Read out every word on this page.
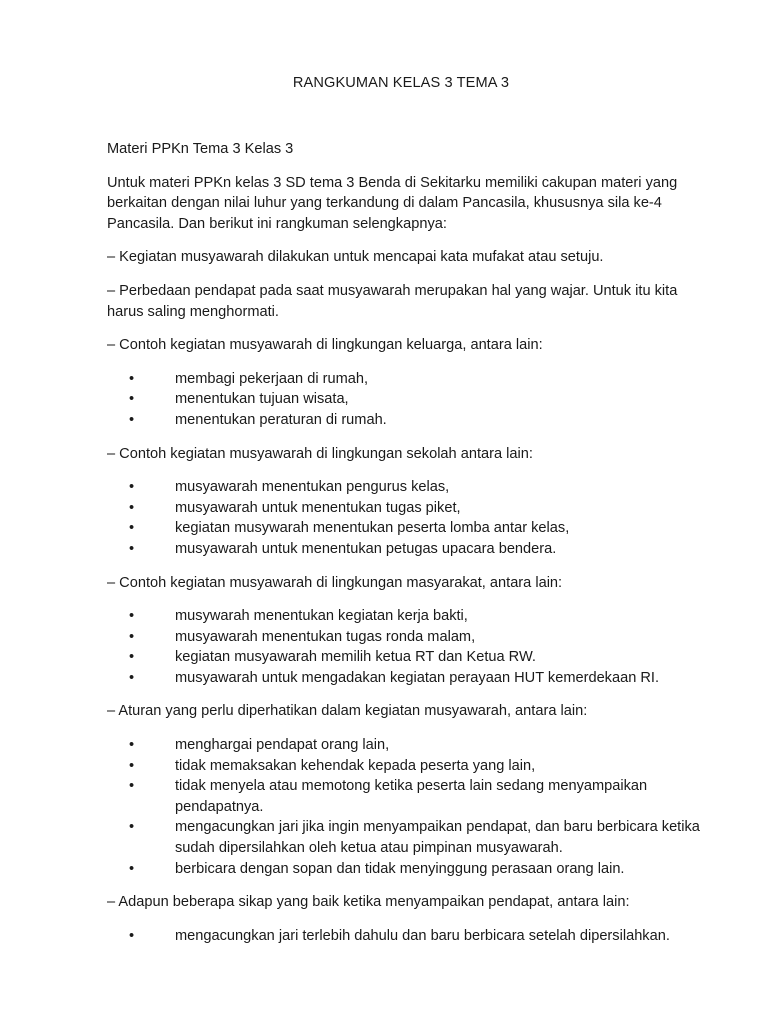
RANGKUMAN KELAS 3 TEMA 3

Materi PPKn Tema 3 Kelas 3

Untuk materi PPKn kelas 3 SD tema 3 Benda di Sekitarku memiliki cakupan materi yang berkaitan dengan nilai luhur yang terkandung di dalam Pancasila, khususnya sila ke-4 Pancasila. Dan berikut ini rangkuman selengkapnya:

– Kegiatan musyawarah dilakukan untuk mencapai kata mufakat atau setuju.

– Perbedaan pendapat pada saat musyawarah merupakan hal yang wajar. Untuk itu kita harus saling menghormati.

– Contoh kegiatan musyawarah di lingkungan keluarga, antara lain:

•	membagi pekerjaan di rumah,
•	menentukan tujuan wisata,
•	menentukan peraturan di rumah.

– Contoh kegiatan musyawarah di lingkungan sekolah antara lain:

•	musyawarah menentukan pengurus kelas,
•	musyawarah untuk menentukan tugas piket,
•	kegiatan musywarah menentukan peserta lomba antar kelas,
•	musyawarah untuk menentukan petugas upacara bendera.

– Contoh kegiatan musyawarah di lingkungan masyarakat, antara lain:

•	musywarah menentukan kegiatan kerja bakti,
•	musyawarah menentukan tugas ronda malam,
•	kegiatan musyawarah memilih ketua RT dan Ketua RW.
•	musyawarah untuk mengadakan kegiatan perayaan HUT kemerdekaan RI.

– Aturan yang perlu diperhatikan dalam kegiatan musyawarah, antara lain:

•	menghargai pendapat orang lain,
•	tidak memaksakan kehendak kepada peserta yang lain,
•	tidak menyela atau memotong ketika peserta lain sedang menyampaikan pendapatnya.
•	mengacungkan jari jika ingin menyampaikan pendapat, dan baru berbicara ketika sudah dipersilahkan oleh ketua atau pimpinan musyawarah.
•	berbicara dengan sopan dan tidak menyinggung perasaan orang lain.

– Adapun beberapa sikap yang baik ketika menyampaikan pendapat, antara lain:

•	mengacungkan jari terlebih dahulu dan baru berbicara setelah dipersilahkan.
